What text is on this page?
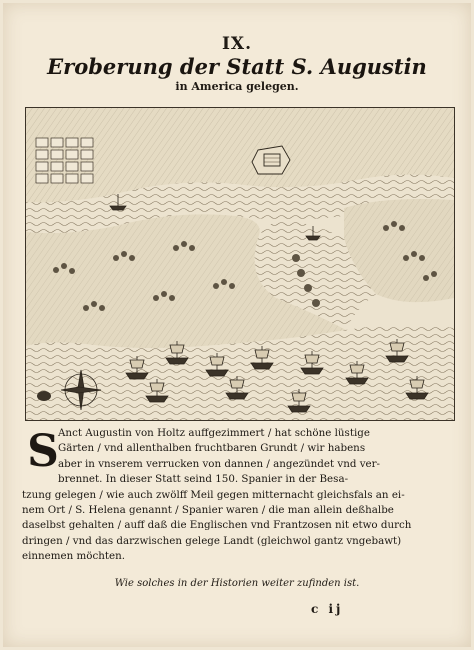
IX.
Eroberung der Statt S. Augustin
in America gelegen.
S Anct Augustin von Holtz auffgezimmert / hat schöne lüstige
Gärten / vnd allenthalben fruchtbaren Grundt / wir habens
aber in vnserem verrucken von dannen / angezündet vnd ver-
brennet. In dieser Statt seind 150. Spanier in der Besa-
tzung gelegen / wie auch zwölff Meil gegen mitternacht gleichsfals an ei-
nem Ort / S. Helena genannt / Spanier waren / die man allein deßhalbe
daselbst gehalten / auff daß die Englischen vnd Frantzosen nit etwo durch
dringen / vnd das darzwischen gelege Landt (gleichwol gantz vngebawt)
einnemen möchten.
Wie solches in der Historien weiter zufinden ist.
c ij
